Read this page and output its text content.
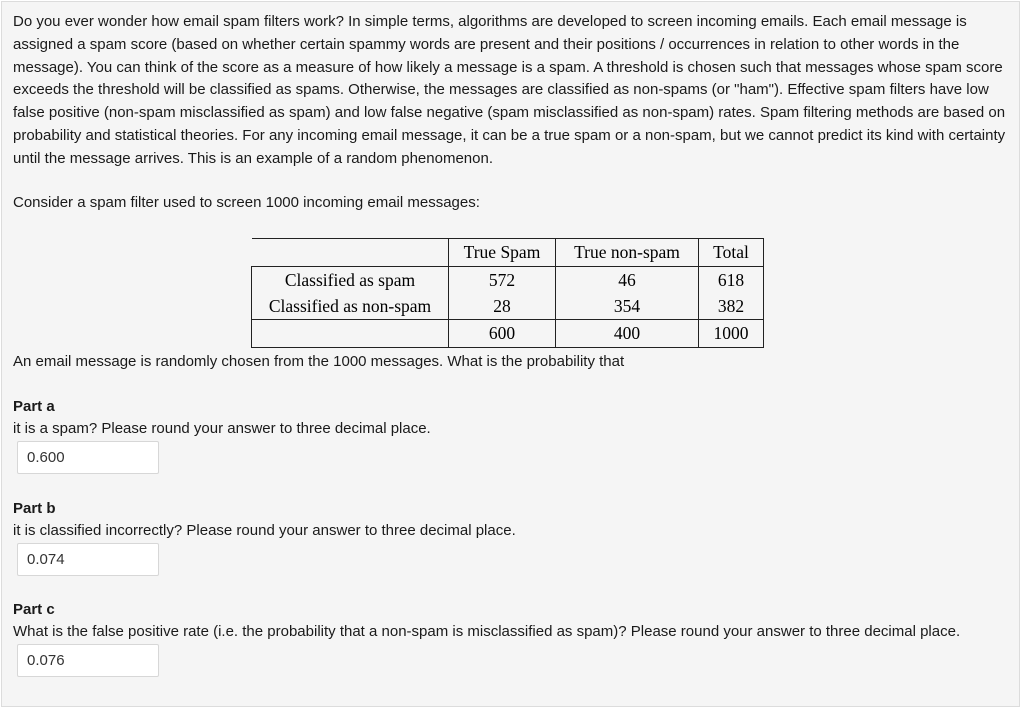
Do you ever wonder how email spam filters work? In simple terms, algorithms are developed to screen incoming emails. Each email message is assigned a spam score (based on whether certain spammy words are present and their positions / occurrences in relation to other words in the message). You can think of the score as a measure of how likely a message is a spam. A threshold is chosen such that messages whose spam score exceeds the threshold will be classified as spams. Otherwise, the messages are classified as non-spams (or "ham"). Effective spam filters have low false positive (non-spam misclassified as spam) and low false negative (spam misclassified as non-spam) rates. Spam filtering methods are based on probability and statistical theories. For any incoming email message, it can be a true spam or a non-spam, but we cannot predict its kind with certainty until the message arrives. This is an example of a random phenomenon.

Consider a spam filter used to screen 1000 incoming email messages:

	True Spam	True non-spam	Total
Classified as spam	572	46	618
Classified as non-spam	28	354	382
	600	400	1000

An email message is randomly chosen from the 1000 messages. What is the probability that

Part a

it is a spam? Please round your answer to three decimal place.

0.600

Part b

it is classified incorrectly? Please round your answer to three decimal place.

0.074

Part c

What is the false positive rate (i.e. the probability that a non-spam is misclassified as spam)? Please round your answer to three decimal place.

0.076
